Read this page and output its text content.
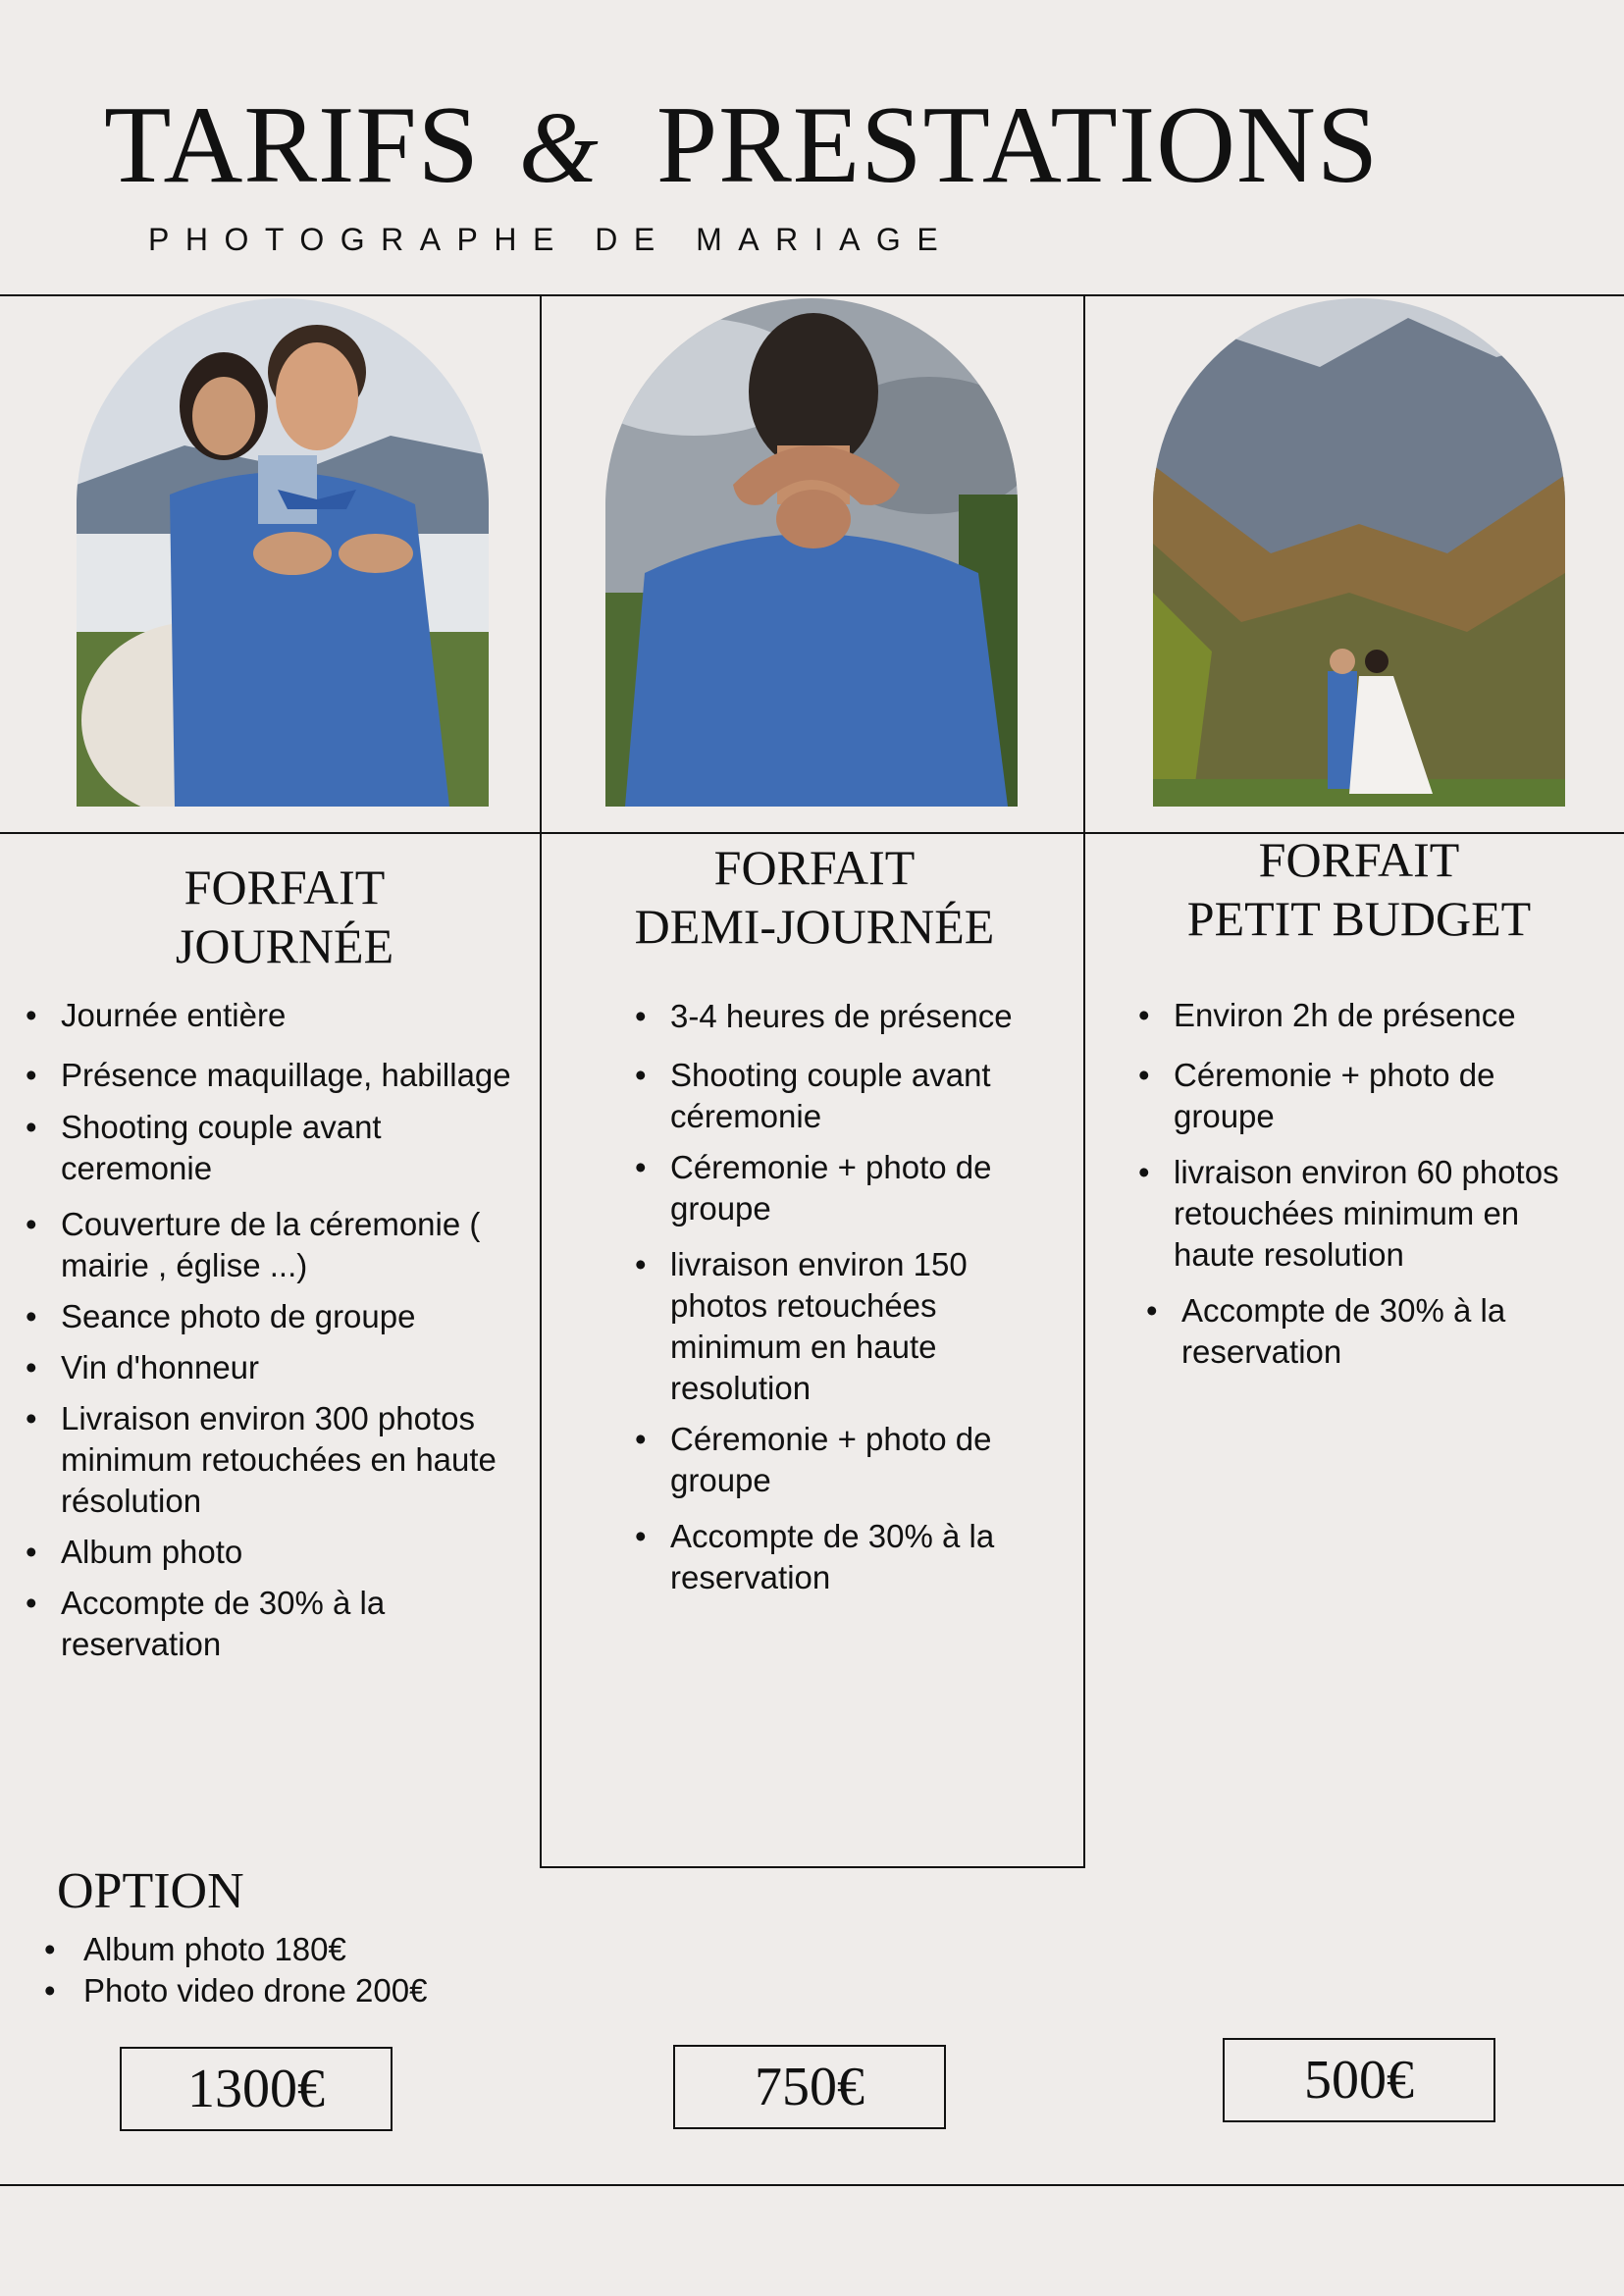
TARIFS & PRESTATIONS
PHOTOGRAPHE DE MARIAGE
FORFAIT
JOURNÉE
FORFAIT
DEMI-JOURNÉE
FORFAIT
PETIT BUDGET
• Journée entière
• Présence maquillage, habillage
• Shooting couple avant ceremonie
• Couverture de la céremonie ( mairie , église ...)
• Seance photo de groupe
• Vin d'honneur
• Livraison environ 300 photos minimum retouchées en haute résolution
• Album photo
• Accompte de 30% à la reservation
• 3-4 heures de présence
• Shooting couple avant céremonie
• Céremonie + photo de groupe
• livraison environ 150 photos retouchées minimum en haute resolution
• Céremonie + photo de groupe
• Accompte de 30% à la reservation
• Environ 2h de présence
• Céremonie + photo de groupe
• livraison environ 60 photos retouchées minimum en haute resolution
• Accompte de 30% à la reservation
OPTION
• Album photo 180€
• Photo video drone 200€
1300€	750€	500€
